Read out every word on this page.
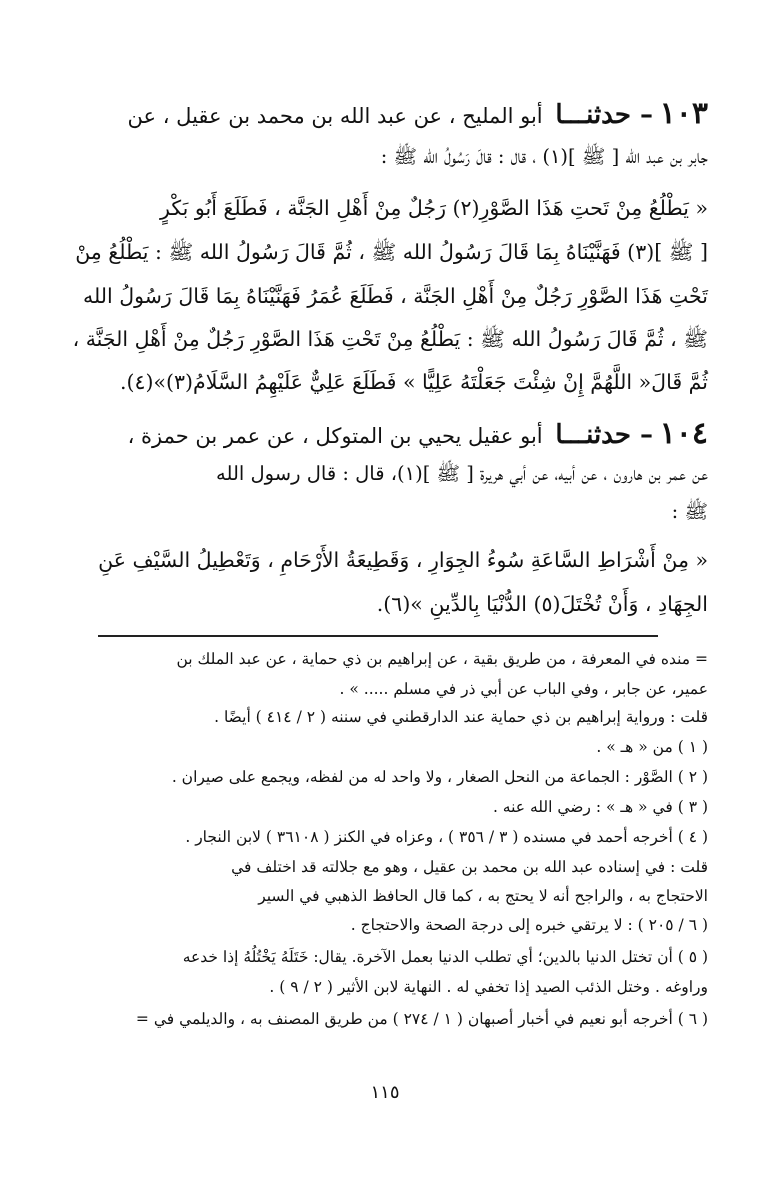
١٠٣ – حدثنـــا أبو المليح ، عن عبد الله بن محمد بن عقيل ، عن
جابر بن عبد الله [ ﷺ ](١) ، قال : قالَ رَسُولُ الله ﷺ :
« يَطْلُعُ مِنْ تَحتِ هَذَا الصَّوْرِ(٢) رَجُلٌ مِنْ أَهْلِ الجَنَّة ، فَطَلَعَ أَبُو بَكْرٍ
[ ﷺ ](٣) فَهَنَّيْنَاهُ بِمَا قَالَ رَسُولُ الله ﷺ ، ثُمَّ قَالَ رَسُولُ الله ﷺ : يَطْلُعُ مِنْ
تَحْتِ هَذَا الصَّوْرِ رَجُلٌ مِنْ أَهْلِ الجَنَّة ، فَطَلَعَ عُمَرُ فَهَنَّيْنَاهُ بِمَا قَالَ رَسُولُ الله
ﷺ ، ثُمَّ قَالَ رَسُولُ الله ﷺ : يَطْلُعُ مِنْ تَحْتِ هَذَا الصَّوْرِ رَجُلٌ مِنْ أَهْلِ الجَنَّة ،
ثُمَّ قَالَ« اللَّهُمَّ إِنْ شِئْتَ جَعَلْتَهُ عَلِيًّا » فَطَلَعَ عَلِيٌّ عَلَيْهِمُ السَّلَامُ(٣)»(٤).
١٠٤ – حدثنـــا أبو عقيل يحيي بن المتوكل ، عن عمر بن حمزة ،
عن عمر بن هارون ، عن أبيه، عن أبي هريرة [ ﷺ ](١)، قال : قال رسول الله
ﷺ :
« مِنْ أَشْرَاطِ السَّاعَةِ سُوءُ الجِوَارِ ، وَقَطِيعَةُ الأَرْحَامِ ، وَتَعْطِيلُ السَّيْفِ عَنِ
الجِهَادِ ، وَأَنْ تُخْتَلَ(٥) الدُّنْيَا بِالدِّينِ »(٦).
= منده في المعرفة ، من طريق بقية ، عن إبراهيم بن ذي حماية ، عن عبد الملك بن
عمير، عن جابر ، وفي الباب عن أبي ذر في مسلم ..... » .
قلت : ورواية إبراهيم بن ذي حماية عند الدارقطني في سننه ( ٢ / ٤١٤ ) أيضًا .
( ١ ) من « هـ » .
( ٢ ) الصَّوْر : الجماعة من النحل الصغار ، ولا واحد له من لفظه، ويجمع على صيران .
( ٣ ) في « هـ » : رضي الله عنه .
( ٤ ) أخرجه أحمد في مسنده ( ٣ / ٣٥٦ ) ، وعزاه في الكنز ( ٣٦١٠٨ ) لابن النجار .
قلت : في إسناده عبد الله بن محمد بن عقيل ، وهو مع جلالته قد اختلف في
الاحتجاج به ، والراجح أنه لا يحتج به ، كما قال الحافظ الذهبي في السير
( ٦ / ٢٠٥ ) : لا يرتقي خبره إلى درجة الصحة والاحتجاج .
( ٥ ) أن تختل الدنيا بالدين؛ أي تطلب الدنيا بعمل الآخرة. يقال: خَتَلَهُ يَخْتُلُهُ إذا خدعه
وراوغه . وختل الذئب الصيد إذا تخفي له . النهاية لابن الأثير ( ٢ / ٩ ) .
( ٦ ) أخرجه أبو نعيم في أخبار أصبهان ( ١ / ٢٧٤ ) من طريق المصنف به ، والديلمي في =
١١٥
